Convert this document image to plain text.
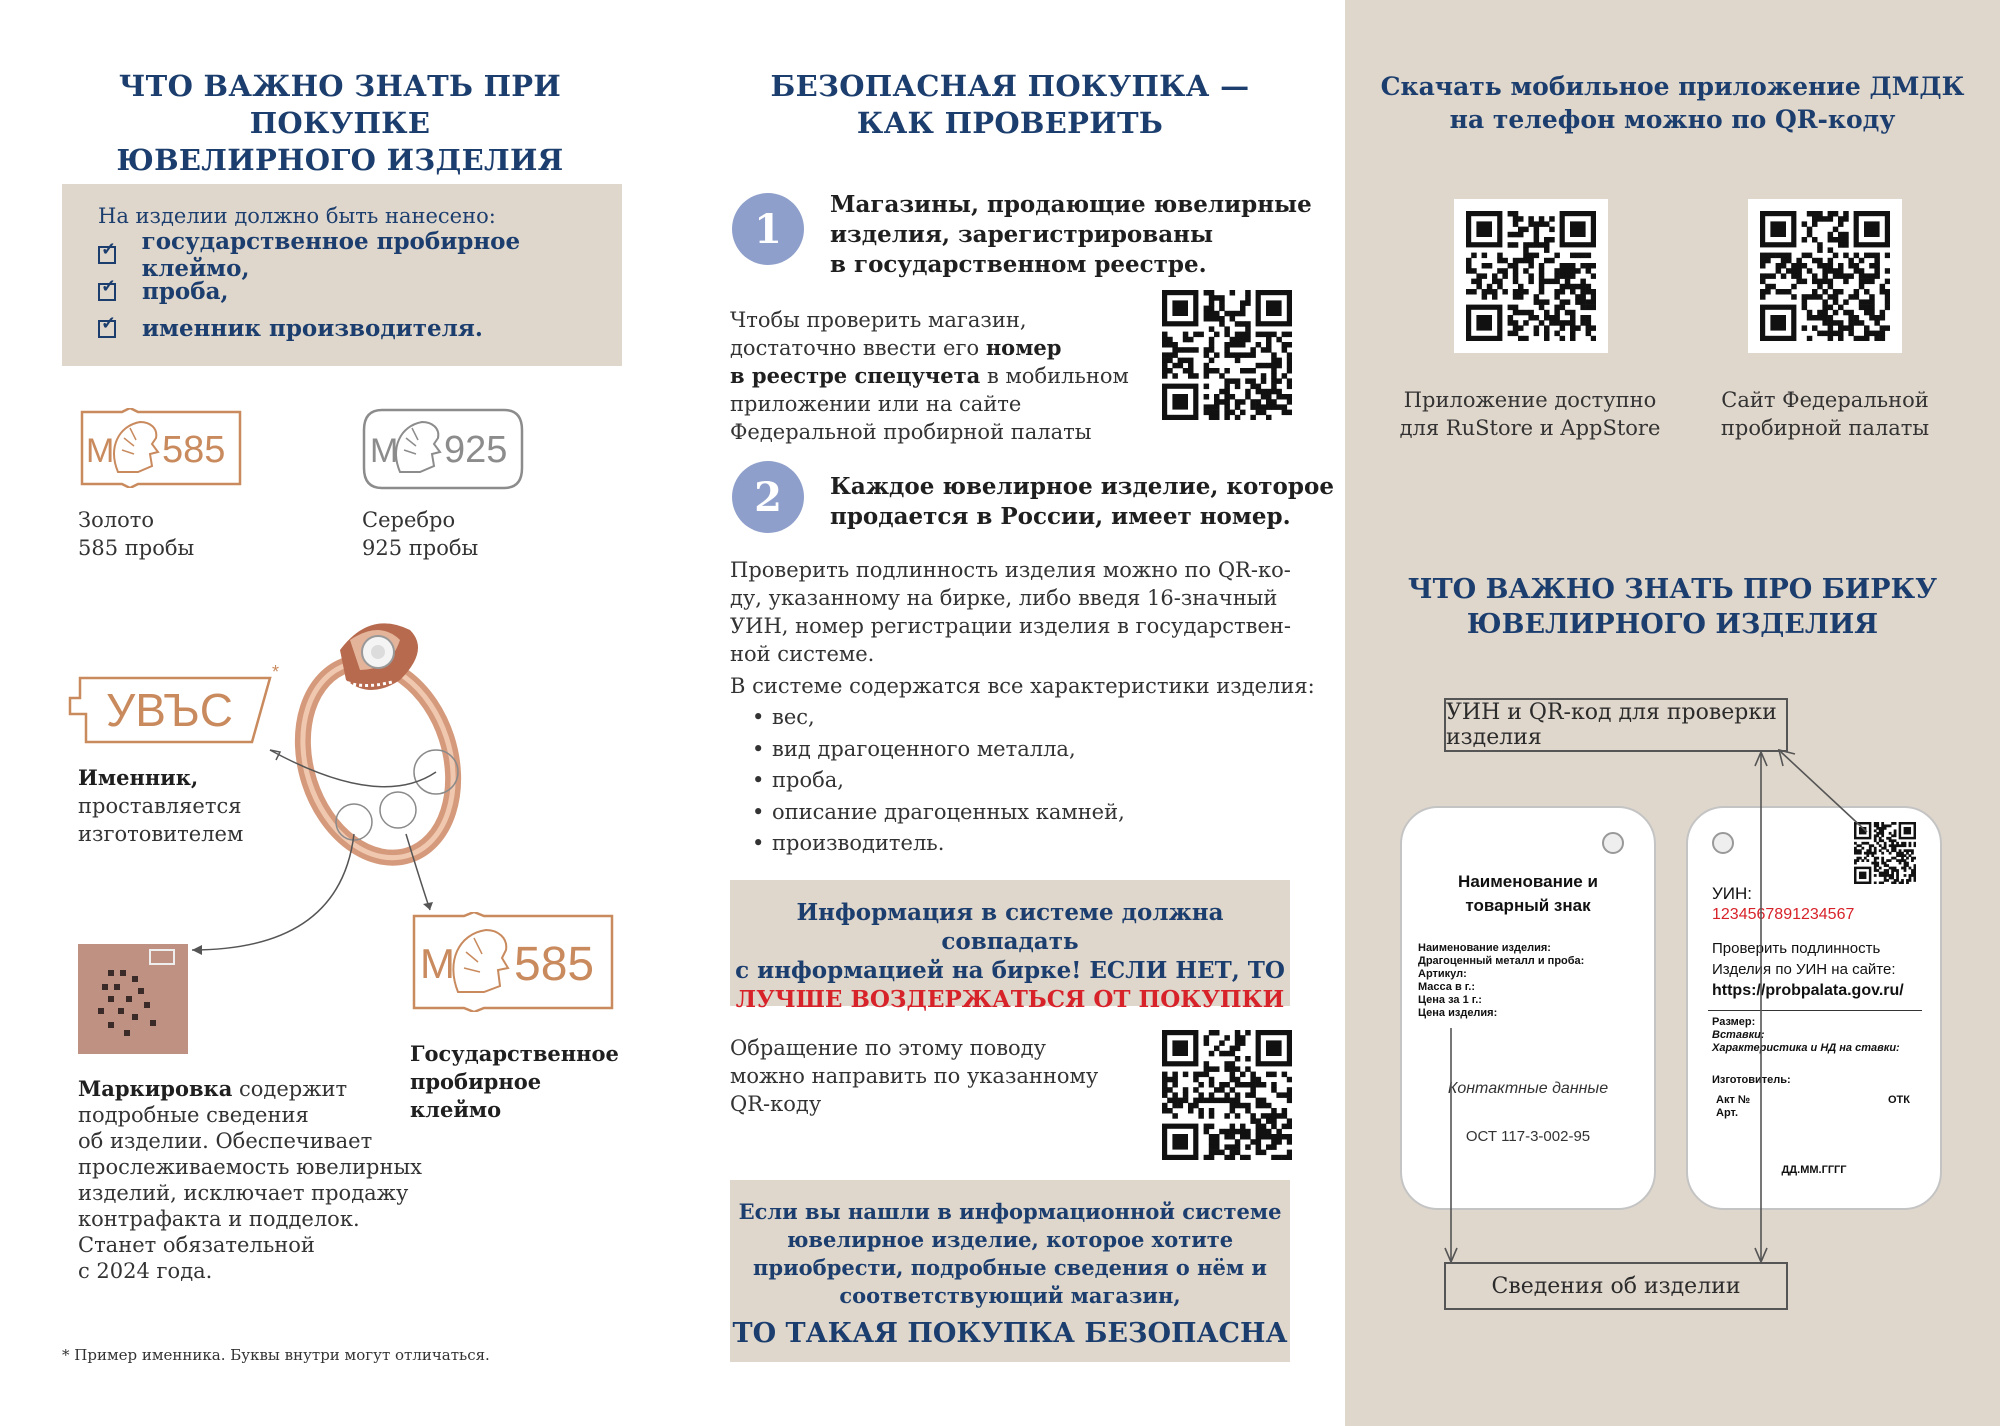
ЧТО ВАЖНО ЗНАТЬ ПРИ ПОКУПКЕ
ЮВЕЛИРНОГО ИЗДЕЛИЯ
На изделии должно быть нанесено:
✓
государственное пробирное клеймо,
✓
проба,
✓
именник производителя.
М 585
Золото
585 пробы
М 925
Серебро
925 пробы
УВЪС
*
Именник,
проставляется
изготовителем
М 585
Государственное
пробирное
клеймо
Маркировка содержит
подробные сведения
об изделии. Обеспечивает
прослеживаемость ювелирных
изделий, исключает продажу
контрафакта и подделок.
Станет обязательной
с 2024 года.
* Пример именника. Буквы внутри могут отличаться.
БЕЗОПАСНАЯ ПОКУПКА —
КАК ПРОВЕРИТЬ
1
Магазины, продающие ювелирные
изделия, зарегистрированы
в государственном реестре.
Чтобы проверить магазин,
достаточно ввести его номер
в реестре спецучета в мобильном
приложении или на сайте
Федеральной пробирной палаты
2	Каждое ювелирное изделие, которое
продается в России, имеет номер.
Проверить подлинность изделия можно по QR-ко-
ду, указанному на бирке, либо введя 16-значный
УИН, номер регистрации изделия в государствен-
ной системе.
В системе содержатся все характеристики изделия:
• вес,
• вид драгоценного металла,
• проба,
• описание драгоценных камней,
• производитель.
Информация в системе должна совпадать
с информацией на бирке! ЕСЛИ НЕТ, ТО
ЛУЧШЕ ВОЗДЕРЖАТЬСЯ ОТ ПОКУПКИ
Обращение по этому поводу
можно направить по указанному
QR-коду
Если вы нашли в информационной системе
ювелирное изделие, которое хотите
приобрести, подробные сведения о нём и
соответствующий магазин,
ТО ТАКАЯ ПОКУПКА БЕЗОПАСНА
Скачать мобильное приложение ДМДК
на телефон можно по QR-коду
Приложение доступно
для RuStore и AppStore
Сайт Федеральной
пробирной палаты
ЧТО ВАЖНО ЗНАТЬ ПРО БИРКУ
ЮВЕЛИРНОГО ИЗДЕЛИЯ
УИН и QR-код для проверки изделия
Наименование и
товарный знак
Наименование изделия:
Драгоценный металл и проба:
Артикул:
Масса в г.:
Цена за 1 г.:
Цена изделия:
Контактные данные
ОСТ 117-3-002-95
УИН:
1234567891234567
Проверить подлинность
Изделия по УИН на сайте:
https://probpalata.gov.ru/
Размер:
Вставки:
Характеристика и НД на ставки:
Изготовитель:
Акт №
Арт.
ОТК
ДД.ММ.ГГГГ
Сведения об изделии
